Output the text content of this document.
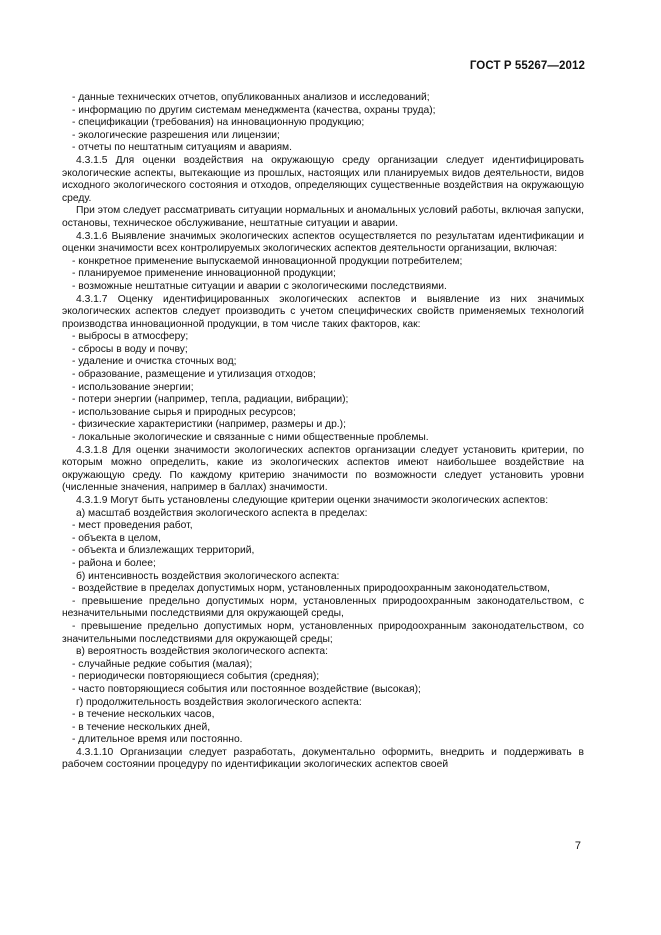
ГОСТ Р 55267—2012

- данные технических отчетов, опубликованных анализов и исследований;

- информацию по другим системам менеджмента (качества, охраны труда);

- спецификации (требования) на инновационную продукцию;

- экологические разрешения или лицензии;

- отчеты по нештатным ситуациям и авариям.

4.3.1.5 Для оценки воздействия на окружающую среду организации следует идентифицировать экологические аспекты, вытекающие из прошлых, настоящих или планируемых видов деятельности, видов исходного экологического состояния и отходов, определяющих существенные воздействия на окружающую среду.

При этом следует рассматривать ситуации нормальных и аномальных условий работы, включая запуски, остановы, техническое обслуживание, нештатные ситуации и аварии.

4.3.1.6 Выявление значимых экологических аспектов осуществляется по результатам идентификации и оценки значимости всех контролируемых экологических аспектов деятельности организации, включая:

- конкретное применение выпускаемой инновационной продукции потребителем;

- планируемое применение инновационной продукции;

- возможные нештатные ситуации и аварии с экологическими последствиями.

4.3.1.7 Оценку идентифицированных экологических аспектов и выявление из них значимых экологических аспектов следует производить с учетом специфических свойств применяемых технологий производства инновационной продукции, в том числе таких факторов, как:

- выбросы в атмосферу;

- сбросы в воду и почву;

- удаление и очистка сточных вод;

- образование, размещение и утилизация отходов;

- использование энергии;

- потери энергии (например, тепла, радиации, вибрации);

- использование сырья и природных ресурсов;

- физические характеристики (например, размеры и др.);

- локальные экологические и связанные с ними общественные проблемы.

4.3.1.8 Для оценки значимости экологических аспектов организации следует установить критерии, по которым можно определить, какие из экологических аспектов имеют наибольшее воздействие на окружающую среду. По каждому критерию значимости по возможности следует установить уровни (численные значения, например в баллах) значимости.

4.3.1.9 Могут быть установлены следующие критерии оценки значимости экологических аспектов:

а) масштаб воздействия экологического аспекта в пределах:

- мест проведения работ,

- объекта в целом,

- объекта и близлежащих территорий,

- района и более;

б) интенсивность воздействия экологического аспекта:

- воздействие в пределах допустимых норм, установленных природоохранным законодательством,

- превышение предельно допустимых норм, установленных природоохранным законодательством, с незначительными последствиями для окружающей среды,

- превышение предельно допустимых норм, установленных природоохранным законодательством, со значительными последствиями для окружающей среды;

в) вероятность воздействия экологического аспекта:

- случайные редкие события (малая);

- периодически повторяющиеся события (средняя);

- часто повторяющиеся события или постоянное воздействие (высокая);

г) продолжительность воздействия экологического аспекта:

- в течение нескольких часов,

- в течение нескольких дней,

- длительное время или постоянно.

4.3.1.10 Организации следует разработать, документально оформить, внедрить и поддерживать в рабочем состоянии процедуру по идентификации экологических аспектов своей

7
